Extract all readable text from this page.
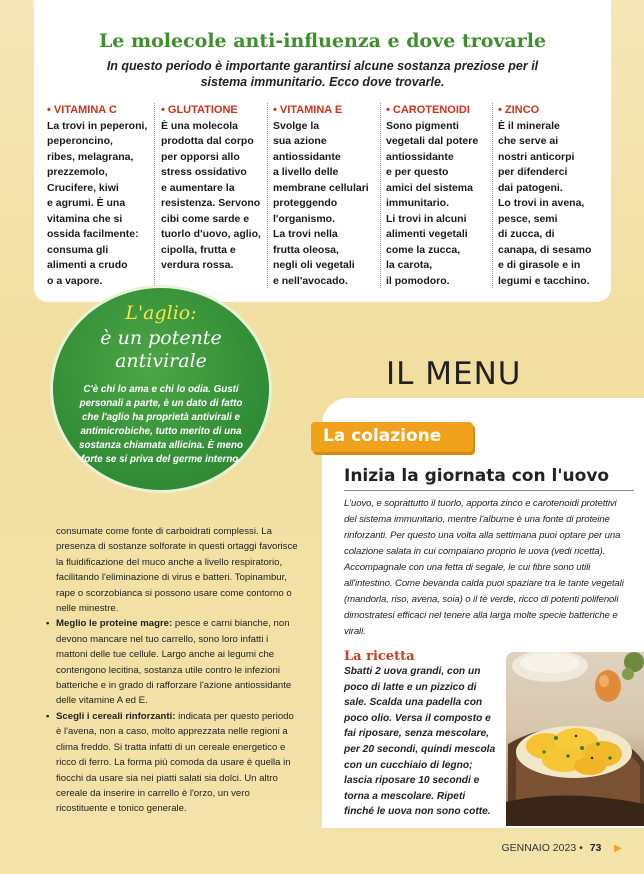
Le molecole anti-influenza e dove trovarle

In questo periodo è importante garantirsi alcune sostanza preziose per il sistema immunitario. Ecco dove trovarle.

• VITAMINA C
La trovi in peperoni,
peperoncino,
ribes, melagrana,
prezzemolo,
Crucifere, kiwi
e agrumi. È una
vitamina che si
ossida facilmente:
consuma gli
alimenti a crudo
o a vapore.
• GLUTATIONE
È una molecola
prodotta dal corpo
per opporsi allo
stress ossidativo
e aumentare la
resistenza. Servono
cibi come sarde e
tuorlo d'uovo, aglio,
cipolla, frutta e
verdura rossa.
• VITAMINA E
Svolge la
sua azione
antiossidante
a livello delle
membrane cellulari
proteggendo
l'organismo.
La trovi nella
frutta oleosa,
negli oli vegetali
e nell'avocado.
• CAROTENOIDI
Sono pigmenti
vegetali dal potere
antiossidante
e per questo
amici del sistema
immunitario.
Li trovi in alcuni
alimenti vegetali
come la zucca,
la carota,
il pomodoro.
• ZINCO
È il minerale
che serve ai
nostri anticorpi
per difenderci
dai patogeni.
Lo trovi in avena,
pesce, semi
di zucca, di
canapa, di sesamo
e di girasole e in
legumi e tacchino.
L'aglio:
è un potente
antivirale

C'è chi lo ama e chi lo odia. Gusti personali a parte, è un dato di fatto che l'aglio ha proprietà antivirali e antimicrobiche, tutto merito di una sostanza chiamata allicina. È meno forte se si priva del germe interno.

consumate come fonte di carboidrati complessi. La presenza di sostanze solforate in questi ortaggi favorisce la fluidificazione del muco anche a livello respiratorio, facilitando l'eliminazione di virus e batteri. Topinambur, rape o scorzobianca si possono usare come contorno o nelle minestre.

• Meglio le proteine magre: pesce e carni bianche, non devono mancare nel tuo carrello, sono loro infatti i mattoni delle tue cellule. Largo anche ai legumi che contengono lecitina, sostanza utile contro le infezioni batteriche e in grado di rafforzare l'azione antiossidante delle vitamine A ed E.

• Scegli i cereali rinforzanti: indicata per questo periodo è l'avena, non a caso, molto apprezzata nelle regioni a clima freddo. Si tratta infatti di un cereale energetico e ricco di ferro. La forma più comoda da usare è quella in fiocchi da usare sia nei piatti salati sia dolci. Un altro cereale da inserire in carrello è l'orzo, un vero ricostituente e tonico generale.

IL MENU
La colazione
Inizia la giornata con l'uovo

L'uovo, e soprattutto il tuorlo, apporta zinco e carotenoidi protettivi del sistema immunitario, mentre l'albume è una fonte di proteine rinforzanti. Per questo una volta alla settimana puoi optare per una colazione salata in cui compaiano proprio le uova (vedi ricetta). Accompagnale con una fetta di segale, le cui fibre sono utili all'intestino. Come bevanda calda puoi spaziare tra le tante vegetali (mandorla, riso, avena, soia) o il tè verde, ricco di potenti polifenoli dimostratesi efficaci nel tenere alla larga molte specie batteriche e virali.

La ricetta

Sbatti 2 uova grandi, con un poco di latte e un pizzico di sale. Scalda una padella con poco olio. Versa il composto e fai riposare, senza mescolare, per 20 secondi, quindi mescola con un cucchiaio di legno; lascia riposare 10 secondi e torna a mescolare. Ripeti finché le uova non sono cotte.

GENNAIO 2023 • 73 ▶
